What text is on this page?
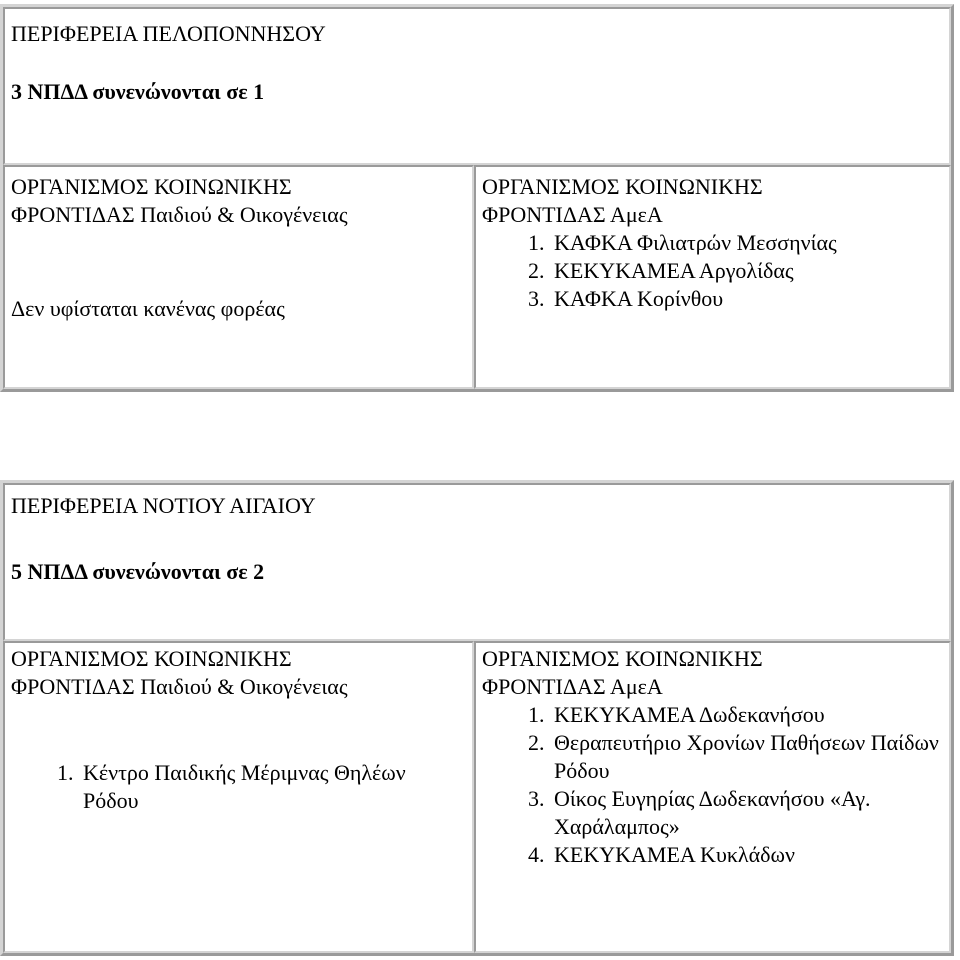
ΠΕΡΙΦΕΡΕΙΑ ΠΕΛΟΠΟΝΝΗΣΟΥ
3 ΝΠΔΔ συνενώνονται σε 1

ΟΡΓΑΝΙΣΜΟΣ ΚΟΙΝΩΝΙΚΗΣ
ΦΡΟΝΤΙΔΑΣ Παιδιού & Οικογένειας
Δεν υφίσταται κανένας φορέας

ΟΡΓΑΝΙΣΜΟΣ ΚΟΙΝΩΝΙΚΗΣ
ΦΡΟΝΤΙΔΑΣ ΑμεΑ
1. ΚΑΦΚΑ Φιλιατρών Μεσσηνίας
2. ΚΕΚΥΚΑΜΕΑ Αργολίδας
3. ΚΑΦΚΑ Κορίνθου
ΠΕΡΙΦΕΡΕΙΑ ΝΟΤΙΟΥ ΑΙΓΑΙΟΥ
5 ΝΠΔΔ συνενώνονται σε 2

ΟΡΓΑΝΙΣΜΟΣ ΚΟΙΝΩΝΙΚΗΣ
ΦΡΟΝΤΙΔΑΣ Παιδιού & Οικογένειας
1. Κέντρο Παιδικής Μέριμνας Θηλέων Ρόδου

ΟΡΓΑΝΙΣΜΟΣ ΚΟΙΝΩΝΙΚΗΣ
ΦΡΟΝΤΙΔΑΣ ΑμεΑ
1. ΚΕΚΥΚΑΜΕΑ Δωδεκανήσου
2. Θεραπευτήριο Χρονίων Παθήσεων Παίδων Ρόδου
3. Οίκος Ευγηρίας Δωδεκανήσου «Αγ. Χαράλαμπος»
4. ΚΕΚΥΚΑΜΕΑ Κυκλάδων
